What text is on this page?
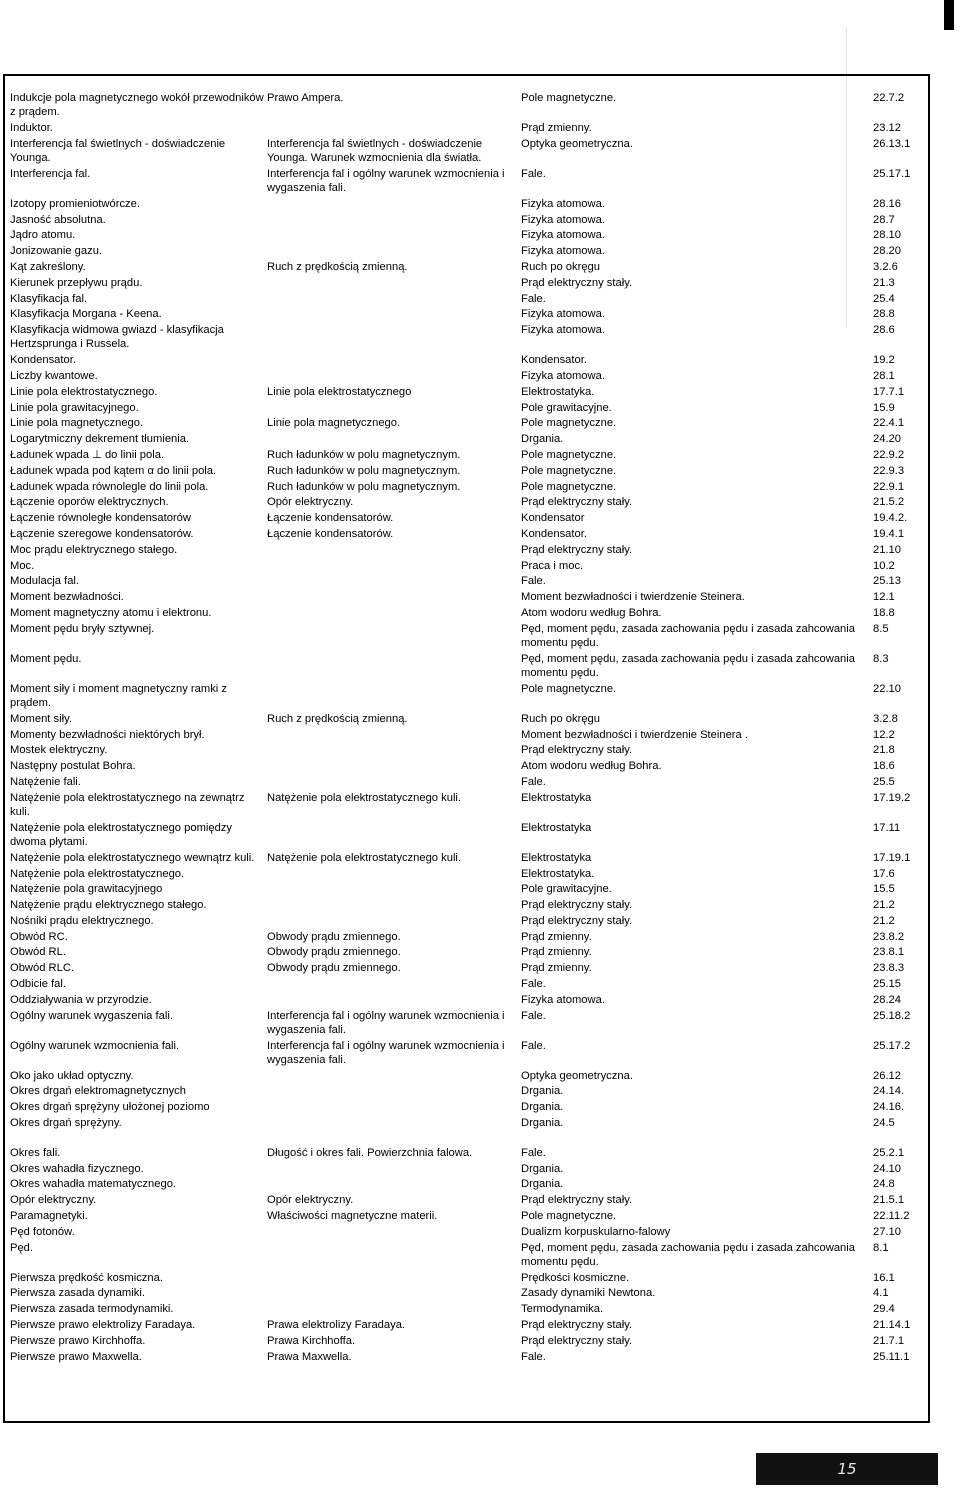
Indukcje pola magnetycznego wokół przewodników z prądem.	Prawo Ampera.	Pole magnetyczne.	22.7.2
Induktor.		Prąd zmienny.	23.12
Interferencja fal świetlnych - doświadczenie Younga.	Interferencja fal świetlnych - doświadczenie Younga. Warunek wzmocnienia dla światła.	Optyka geometryczna.	26.13.1
Interferencja fal.	Interferencja fal i ogólny warunek wzmocnienia i wygaszenia fali.	Fale.	25.17.1
Izotopy promieniotwórcze.		Fizyka atomowa.	28.16
Jasność absolutna.		Fizyka atomowa.	28.7
Jądro atomu.		Fizyka atomowa.	28.10
Jonizowanie gazu.		Fizyka atomowa.	28.20
Kąt zakreślony.	Ruch z prędkością zmienną.	Ruch po okręgu	3.2.6
Kierunek przepływu prądu.		Prąd elektryczny stały.	21.3
Klasyfikacja fal.		Fale.	25.4
Klasyfikacja Morgana - Keena.		Fizyka atomowa.	28.8
Klasyfikacja widmowa gwiazd - klasyfikacja Hertzsprunga i Russela.		Fizyka atomowa.	28.6
Kondensator.		Kondensator.	19.2
Liczby kwantowe.		Fizyka atomowa.	28.1
Linie pola elektrostatycznego.	Linie pola elektrostatycznego	Elektrostatyka.	17.7.1
Linie pola grawitacyjnego.		Pole grawitacyjne.	15.9
Linie pola magnetycznego.	Linie pola magnetycznego.	Pole magnetyczne.	22.4.1
Logarytmiczny dekrement tłumienia.		Drgania.	24.20
Ładunek wpada ⊥ do linii pola.	Ruch ładunków w polu magnetycznym.	Pole magnetyczne.	22.9.2
Ładunek wpada pod kątem α do linii pola.	Ruch ładunków w polu magnetycznym.	Pole magnetyczne.	22.9.3
Ładunek wpada równolegle do linii pola.	Ruch ładunków w polu magnetycznym.	Pole magnetyczne.	22.9.1
Łączenie oporów elektrycznych.	Opór elektryczny.	Prąd elektryczny stały.	21.5.2
Łączenie równoległe kondensatorów	Łączenie kondensatorów.	Kondensator	19.4.2.
Łączenie szeregowe kondensatorów.	Łączenie kondensatorów.	Kondensator.	19.4.1
Moc prądu elektrycznego stałego.		Prąd elektryczny stały.	21.10
Moc.		Praca i moc.	10.2
Modulacja fal.		Fale.	25.13
Moment bezwładności.		Moment bezwładności i twierdzenie Steinera.	12.1
Moment magnetyczny atomu i elektronu.		Atom wodoru według Bohra.	18.8
Moment pędu bryły sztywnej.		Pęd, moment pędu, zasada zachowania pędu i zasada zahcowania momentu pędu.	8.5
Moment pędu.		Pęd, moment pędu, zasada zachowania pędu i zasada zahcowania momentu pędu.	8.3
Moment siły i moment magnetyczny ramki z prądem.		Pole magnetyczne.	22.10
Moment siły.	Ruch z prędkością zmienną.	Ruch po okręgu	3.2.8
Momenty bezwładności niektórych brył.		Moment bezwładności i twierdzenie Steinera .	12.2
Mostek elektryczny.		Prąd elektryczny stały.	21.8
Następny postulat Bohra.		Atom wodoru według Bohra.	18.6
Natężenie fali.		Fale.	25.5
Natężenie pola elektrostatycznego na zewnątrz kuli.	Natężenie pola elektrostatycznego kuli.	Elektrostatyka	17.19.2
Natężenie pola elektrostatycznego pomiędzy dwoma płytami.		Elektrostatyka	17.11
Natężenie pola elektrostatycznego wewnątrz kuli.	Natężenie pola elektrostatycznego kuli.	Elektrostatyka	17.19.1
Natężenie pola elektrostatycznego.		Elektrostatyka.	17.6
Natężenie pola grawitacyjnego		Pole grawitacyjne.	15.5
Natężenie prądu elektrycznego stałego.		Prąd elektryczny stały.	21.2
Nośniki prądu elektrycznego.		Prąd elektryczny stały.	21.2
Obwód RC.	Obwody prądu zmiennego.	Prąd zmienny.	23.8.2
Obwód RL.	Obwody prądu zmiennego.	Prąd zmienny.	23.8.1
Obwód RLC.	Obwody prądu zmiennego.	Prąd zmienny.	23.8.3
Odbicie fal.		Fale.	25.15
Oddziaływania w przyrodzie.		Fizyka atomowa.	28.24
Ogólny warunek wygaszenia fali.	Interferencja fal i ogólny warunek wzmocnienia i wygaszenia fali.	Fale.	25.18.2
Ogólny warunek wzmocnienia fali.	Interferencja fal i ogólny warunek wzmocnienia i wygaszenia fali.	Fale.	25.17.2
Oko jako układ optyczny.		Optyka geometryczna.	26.12
Okres drgań elektromagnetycznych		Drgania.	24.14.
Okres drgań sprężyny ułożonej poziomo		Drgania.	24.16.
Okres drgań sprężyny.		Drgania.	24.5

Okres fali.	Długość i okres fali. Powierzchnia falowa.	Fale.	25.2.1
Okres wahadła fizycznego.		Drgania.	24.10
Okres wahadła matematycznego.		Drgania.	24.8
Opór elektryczny.	Opór elektryczny.	Prąd elektryczny stały.	21.5.1
Paramagnetyki.	Właściwości magnetyczne materii.	Pole magnetyczne.	22.11.2
Pęd fotonów.		Dualizm korpuskularno-falowy	27.10
Pęd.		Pęd, moment pędu, zasada zachowania pędu i zasada zahcowania momentu pędu.	8.1
Pierwsza prędkość kosmiczna.		Prędkości kosmiczne.	16.1
Pierwsza zasada dynamiki.		Zasady dynamiki Newtona.	4.1
Pierwsza zasada termodynamiki.		Termodynamika.	29.4
Pierwsze prawo elektrolizy Faradaya.	Prawa elektrolizy Faradaya.	Prąd elektryczny stały.	21.14.1
Pierwsze prawo Kirchhoffa.	Prawa Kirchhoffa.	Prąd elektryczny stały.	21.7.1
Pierwsze prawo Maxwella.	Prawa Maxwella.	Fale.	25.11.1
15
